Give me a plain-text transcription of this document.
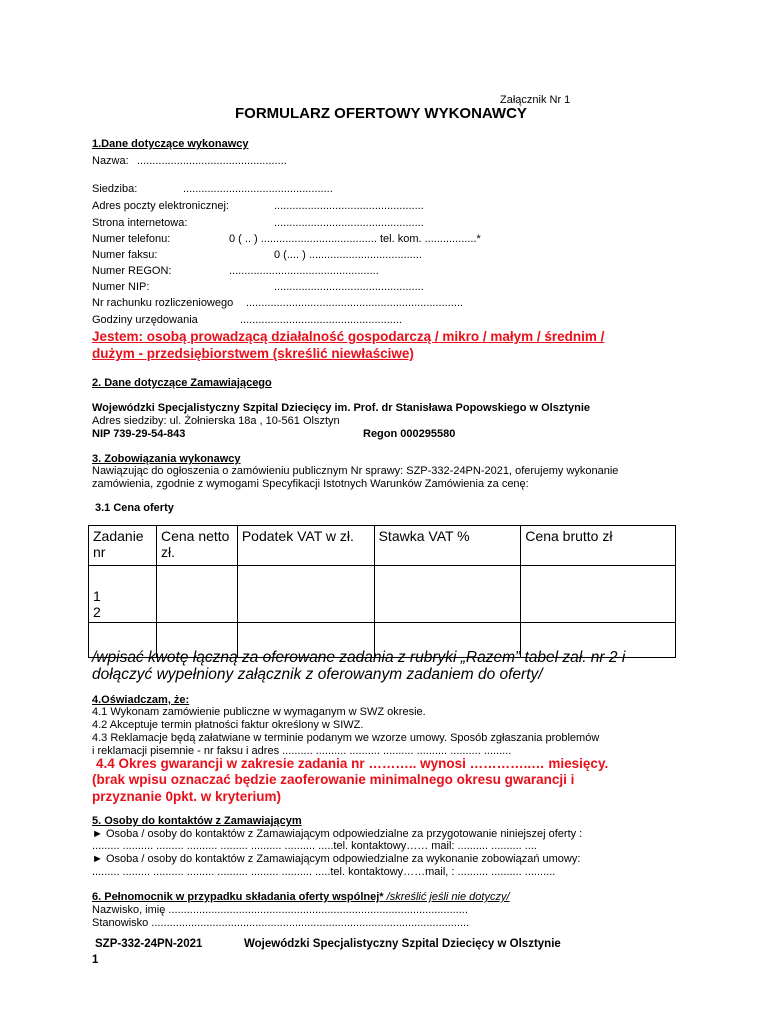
Załącznik Nr 1
FORMULARZ OFERTOWY WYKONAWCY
1.Dane dotyczące wykonawcy
Nazwa: .................................................
Siedziba:	.................................................
Adres poczty elektronicznej:	.................................................
Strona internetowa:	.................................................
Numer telefonu:	0 ( .. ) ...................................... tel. kom. .................*
Numer faksu:	0 (.... ) .....................................
Numer REGON:	.................................................
Numer NIP:	.................................................
Nr rachunku rozliczeniowego .......................................................................
Godziny urzędowania	.....................................................
Jestem: osobą prowadzącą działalność gospodarczą / mikro / małym / średnim /
dużym - przedsiębiorstwem (skreślić niewłaściwe)
2. Dane dotyczące Zamawiającego
Wojewódzki Specjalistyczny Szpital Dziecięcy im. Prof. dr Stanisława Popowskiego w Olsztynie
Adres siedziby: ul. Żołnierska 18a , 10-561 Olsztyn
NIP 739-29-54-843	Regon 000295580
3. Zobowiązania wykonawcy
Nawiązując do ogłoszenia o zamówieniu publicznym Nr sprawy: SZP-332-24PN-2021, oferujemy wykonanie
zamówienia, zgodnie z wymogami Specyfikacji Istotnych Warunków Zamówienia za cenę:
3.1 Cena oferty
Zadanie nr	Cena netto zł.	Podatek VAT w zł.	Stawka VAT %	Cena brutto zł

1
2				

/wpisać kwotę łączną za oferowane zadania z rubryki „Razem” tabel zał. nr 2 i
dołączyć wypełniony załącznik z oferowanym zadaniem do oferty/
4.Oświadczam, że:
4.1 Wykonam zamówienie publiczne w wymaganym w SWZ okresie.
4.2 Akceptuje termin płatności faktur określony w SIWZ.
4.3 Reklamacje będą załatwiane w terminie podanym we wzorze umowy. Sposób zgłaszania problemów
i reklamacji pisemnie - nr faksu i adres .......... .......... .......... .......... .......... .......... .........
4.4 Okres gwarancji w zakresie zadania nr ……….. wynosi …………..… miesięcy.
(brak wpisu oznaczać będzie zaoferowanie minimalnego okresu gwarancji i
przyznanie 0pkt. w kryterium)
5. Osoby do kontaktów z Zamawiającym
► Osoba / osoby do kontaktów z Zamawiającym odpowiedzialne za przygotowanie niniejszej oferty :
......... .......... ......... .......... ......... .......... .......... .....tel. kontaktowy…… mail: .......... .......... ....
► Osoba / osoby do kontaktów z Zamawiającym odpowiedzialne za wykonanie zobowiązań umowy:
......... ......... .......... ......... .......... ......... .......... .....tel. kontaktowy……mail, : .......... .......... ..........
6. Pełnomocnik w przypadku składania oferty wspólnej* /skreślić jeśli nie dotyczy/
Nazwisko, imię ..................................................................................................
Stanowisko ........................................................................................................
SZP-332-24PN-2021	Wojewódzki Specjalistyczny Szpital Dziecięcy w Olsztynie
1
